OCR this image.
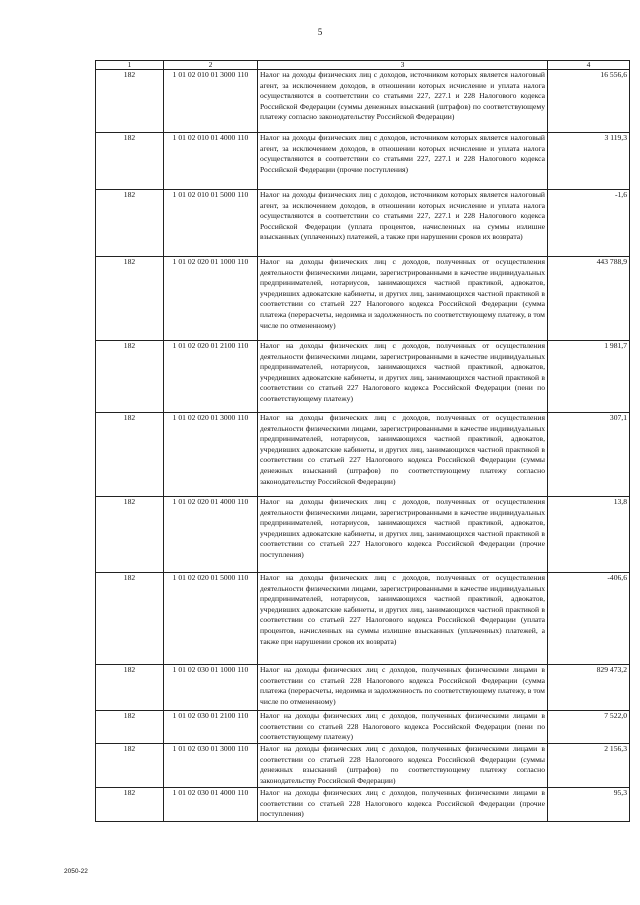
5
1	2	3	4
182	1 01 02 010 01 3000 110	Налог на доходы физических лиц с доходов, источником которых является налоговый агент, за исключением доходов, в отношении которых исчисление и уплата налога осуществляются в соответствии со статьями 227, 227.1 и 228 Налогового кодекса Российской Федерации (суммы денежных взысканий (штрафов) по соответствующему платежу согласно законодательству Российской Федерации)	16 556,6
182	1 01 02 010 01 4000 110	Налог на доходы физических лиц с доходов, источником которых является налоговый агент, за исключением доходов, в отношении которых исчисление и уплата налога осуществляются в соответствии со статьями 227, 227.1 и 228 Налогового кодекса Российской Федерации (прочие поступления)	3 119,3
182	1 01 02 010 01 5000 110	Налог на доходы физических лиц с доходов, источником которых является налоговый агент, за исключением доходов, в отношении которых исчисление и уплата налога осуществляются в соответствии со статьями 227, 227.1 и 228 Налогового кодекса Российской Федерации (уплата процентов, начисленных на суммы излишне взысканных (уплаченных) платежей, а также при нарушении сроков их возврата)	-1,6
182	1 01 02 020 01 1000 110	Налог на доходы физических лиц с доходов, полученных от осуществления деятельности физическими лицами, зарегистрированными в качестве индивидуальных предпринимателей, нотариусов, занимающихся частной практикой, адвокатов, учредивших адвокатские кабинеты, и других лиц, занимающихся частной практикой в соответствии со статьей 227 Налогового кодекса Российской Федерации (сумма платежа (перерасчеты, недоимка и задолженность по соответствующему платежу, в том числе по отмененному)	443 788,9
182	1 01 02 020 01 2100 110	Налог на доходы физических лиц с доходов, полученных от осуществления деятельности физическими лицами, зарегистрированными в качестве индивидуальных предпринимателей, нотариусов, занимающихся частной практикой, адвокатов, учредивших адвокатские кабинеты, и других лиц, занимающихся частной практикой в соответствии со статьей 227 Налогового кодекса Российской Федерации (пени по соответствующему платежу)	1 981,7
182	1 01 02 020 01 3000 110	Налог на доходы физических лиц с доходов, полученных от осуществления деятельности физическими лицами, зарегистрированными в качестве индивидуальных предпринимателей, нотариусов, занимающихся частной практикой, адвокатов, учредивших адвокатские кабинеты, и других лиц, занимающихся частной практикой в соответствии со статьей 227 Налогового кодекса Российской Федерации (суммы денежных взысканий (штрафов) по соответствующему платежу согласно законодательству Российской Федерации)	307,1
182	1 01 02 020 01 4000 110	Налог на доходы физических лиц с доходов, полученных от осуществления деятельности физическими лицами, зарегистрированными в качестве индивидуальных предпринимателей, нотариусов, занимающихся частной практикой, адвокатов, учредивших адвокатские кабинеты, и других лиц, занимающихся частной практикой в соответствии со статьей 227 Налогового кодекса Российской Федерации (прочие поступления)	13,8
182	1 01 02 020 01 5000 110	Налог на доходы физических лиц с доходов, полученных от осуществления деятельности физическими лицами, зарегистрированными в качестве индивидуальных предпринимателей, нотариусов, занимающихся частной практикой, адвокатов, учредивших адвокатские кабинеты, и других лиц, занимающихся частной практикой в соответствии со статьей 227 Налогового кодекса Российской Федерации (уплата процентов, начисленных на суммы излишне взысканных (уплаченных) платежей, а также при нарушении сроков их возврата)	-406,6
182	1 01 02 030 01 1000 110	Налог на доходы физических лиц с доходов, полученных физическими лицами в соответствии со статьей 228 Налогового кодекса Российской Федерации (сумма платежа (перерасчеты, недоимка и задолженность по соответствующему платежу, в том числе по отмененному)	829 473,2
182	1 01 02 030 01 2100 110	Налог на доходы физических лиц с доходов, полученных физическими лицами в соответствии со статьей 228 Налогового кодекса Российской Федерации (пени по соответствующему платежу)	7 522,0
182	1 01 02 030 01 3000 110	Налог на доходы физических лиц с доходов, полученных физическими лицами в соответствии со статьей 228 Налогового кодекса Российской Федерации (суммы денежных взысканий (штрафов) по соответствующему платежу согласно законодательству Российской Федерации)	2 156,3
182	1 01 02 030 01 4000 110	Налог на доходы физических лиц с доходов, полученных физическими лицами в соответствии со статьей 228 Налогового кодекса Российской Федерации (прочие поступления)	95,3
2050-22
